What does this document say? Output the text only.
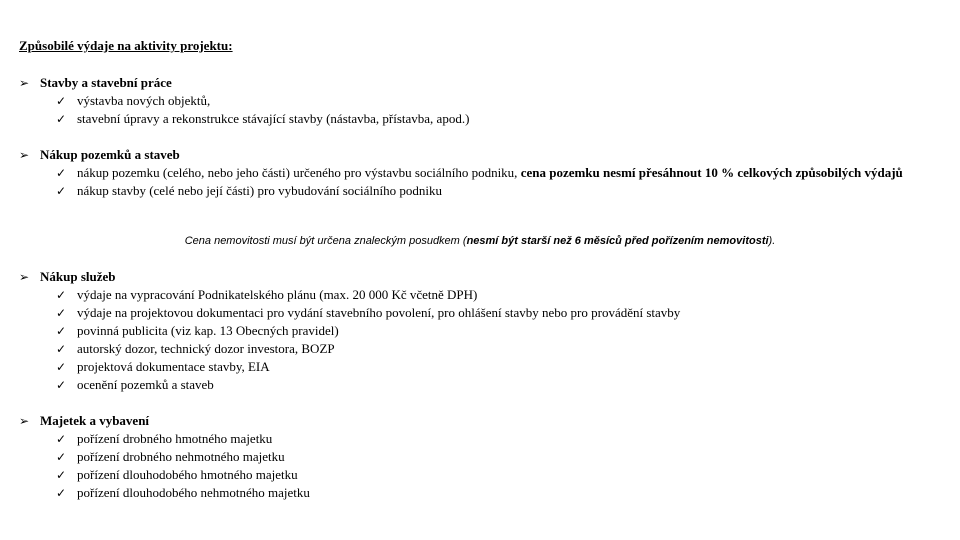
Způsobilé výdaje na aktivity projektu:
➢ Stavby a stavební práce
✓ výstavba nových objektů,
✓ stavební úpravy a rekonstrukce stávající stavby (nástavba, přístavba, apod.)
➢ Nákup pozemků a staveb
✓ nákup pozemku (celého, nebo jeho části) určeného pro výstavbu sociálního podniku, cena pozemku nesmí přesáhnout 10 % celkových způsobilých výdajů
✓ nákup stavby (celé nebo její části) pro vybudování sociálního podniku
Cena nemovitosti musí být určena znaleckým posudkem (nesmí být starší než 6 měsíců před pořízením nemovitosti).
➢ Nákup služeb
✓ výdaje na vypracování Podnikatelského plánu (max. 20 000 Kč včetně DPH)
✓ výdaje na projektovou dokumentaci pro vydání stavebního povolení, pro ohlášení stavby nebo pro provádění stavby
✓ povinná publicita (viz kap. 13 Obecných pravidel)
✓ autorský dozor, technický dozor investora, BOZP
✓ projektová dokumentace stavby, EIA
✓ ocenění pozemků a staveb
➢ Majetek a vybavení
✓ pořízení drobného hmotného majetku
✓ pořízení drobného nehmotného majetku
✓ pořízení dlouhodobého hmotného majetku
✓ pořízení dlouhodobého nehmotného majetku
